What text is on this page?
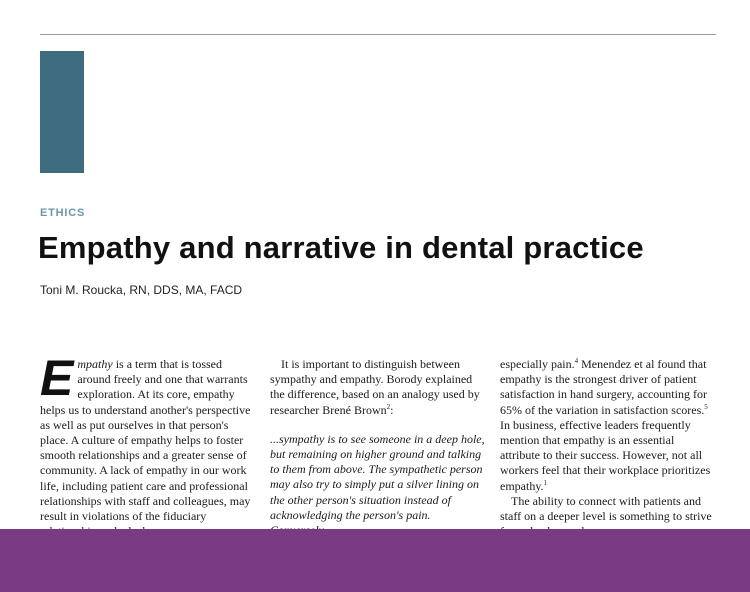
ETHICS
Empathy and narrative in dental practice
Toni M. Roucka, RN, DDS, MA, FACD

Empathy is a term that is tossed around freely and one that warrants exploration. At its core, empathy helps us to understand another's perspective as well as put ourselves in that person's place. A culture of empathy helps to foster smooth relationships and a greater sense of community. A lack of empathy in our work life, including patient care and professional relationships with staff and colleagues, may result in violations of the fiduciary

It is important to distinguish between sympathy and empathy. Borody explained the difference, based on an analogy used by researcher Brené Brown$^2$:

...sympathy is to see someone in a deep hole, but remaining on higher ground and talking to them from above. The sympathetic person may also try to simply put a silver lining on the other person's situation instead of acknowledging the person's pain.

especially pain.$^4$ Menendez et al found that empathy is the strongest driver of patient satisfaction in hand surgery, accounting for 65% of the variation in satisfaction scores.$^5$ In business, effective leaders frequently mention that empathy is an essential attribute to their success. However, not all workers feel that their workplace prioritizes empathy.$^1$

The ability to connect with patients and staff on a deeper level is something to strive
